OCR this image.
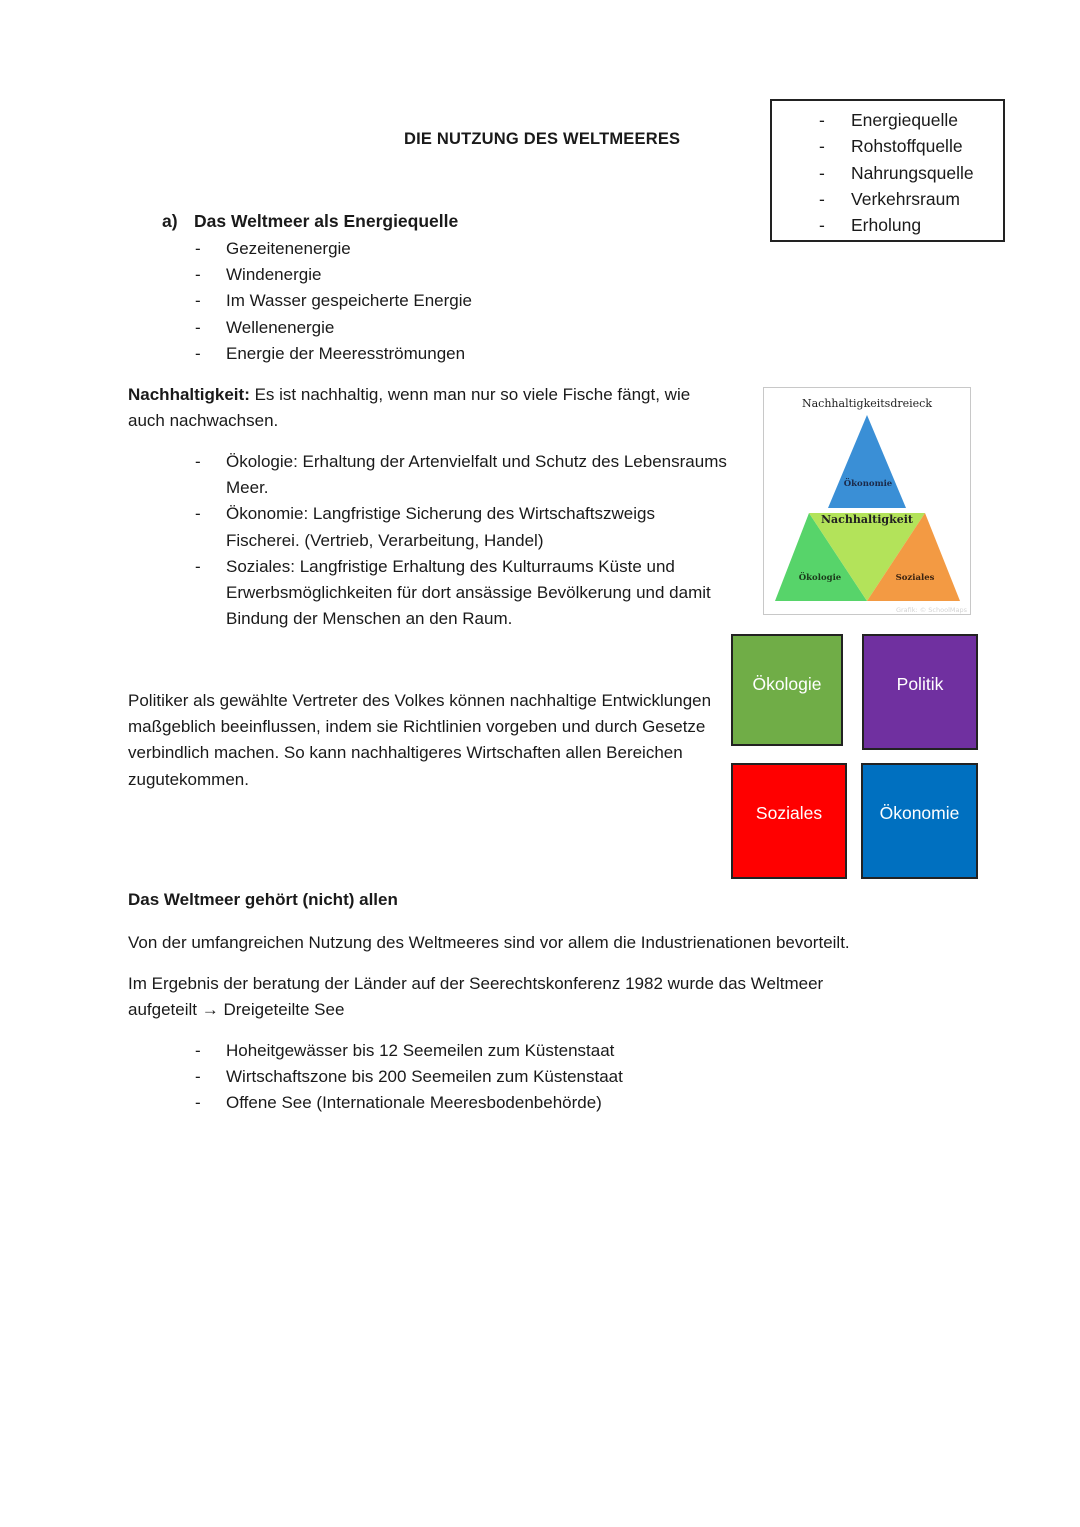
DIE NUTZUNG DES WELTMEERES
- Energiequelle
- Rohstoffquelle
- Nahrungsquelle
- Verkehrsraum
- Erholung
a) Das Weltmeer als Energiequelle
- Gezeitenenergie
- Windenergie
- Im Wasser gespeicherte Energie
- Wellenenergie
- Energie der Meeresströmungen
Nachhaltigkeit: Es ist nachhaltig, wenn man nur so viele Fische fängt, wie auch nachwachsen.
- Ökologie: Erhaltung der Artenvielfalt und Schutz des Lebensraums Meer.
- Ökonomie: Langfristige Sicherung des Wirtschaftszweigs Fischerei. (Vertrieb, Verarbeitung, Handel)
- Soziales: Langfristige Erhaltung des Kulturraums Küste und Erwerbsmöglichkeiten für dort ansässige Bevölkerung und damit Bindung der Menschen an den Raum.
Nachhaltigkeitsdreieck
Ökonomie
Nachhaltigkeit
Ökologie	Soziales
Grafik: © SchoolMaps
Politiker als gewählte Vertreter des Volkes können nachhaltige Entwicklungen maßgeblich beeinflussen, indem sie Richtlinien vorgeben und durch Gesetze verbindlich machen. So kann nachhaltigeres Wirtschaften allen Bereichen zugutekommen.
Ökologie	Politik
Soziales	Ökonomie
Das Weltmeer gehört (nicht) allen
Von der umfangreichen Nutzung des Weltmeeres sind vor allem die Industrienationen bevorteilt.
Im Ergebnis der beratung der Länder auf der Seerechtskonferenz 1982 wurde das Weltmeer aufgeteilt → Dreigeteilte See
- Hoheitgewässer bis 12 Seemeilen zum Küstenstaat
- Wirtschaftszone bis 200 Seemeilen zum Küstenstaat
- Offene See (Internationale Meeresbodenbehörde)
